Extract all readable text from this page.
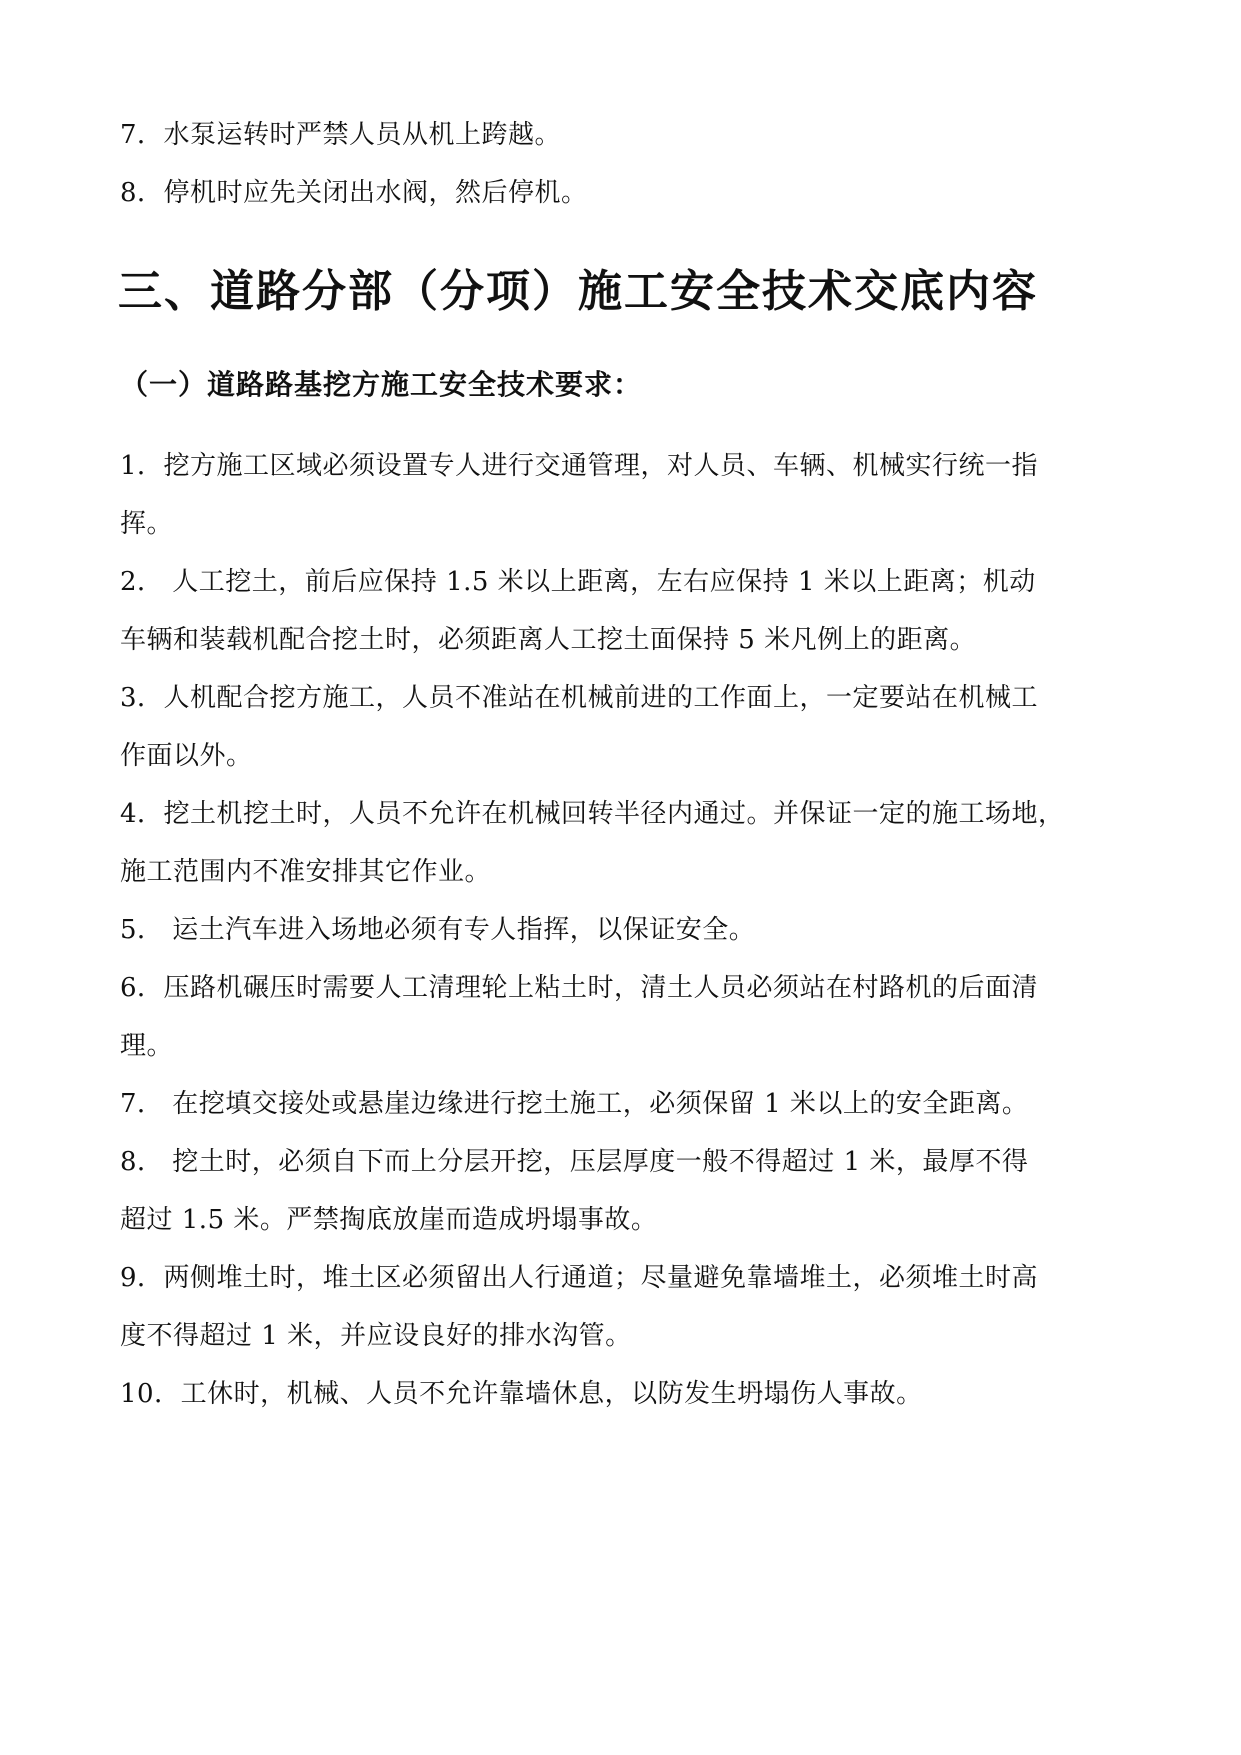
7．水泵运转时严禁人员从机上跨越。
8．停机时应先关闭出水阀，然后停机。
三、道路分部（分项）施工安全技术交底内容
（一）道路路基挖方施工安全技术要求：
1．挖方施工区域必须设置专人进行交通管理，对人员、车辆、机械实行统一指
挥。
2． 人工挖土，前后应保持 1.5 米以上距离，左右应保持 1 米以上距离；机动
车辆和装载机配合挖土时，必须距离人工挖土面保持 5 米凡例上的距离。
3．人机配合挖方施工，人员不准站在机械前进的工作面上，一定要站在机械工
作面以外。
4．挖土机挖土时，人员不允许在机械回转半径内通过。并保证一定的施工场地，
施工范围内不准安排其它作业。
5． 运土汽车进入场地必须有专人指挥，以保证安全。
6．压路机碾压时需要人工清理轮上粘土时，清土人员必须站在村路机的后面清
理。
7． 在挖填交接处或悬崖边缘进行挖土施工，必须保留 1 米以上的安全距离。
8． 挖土时，必须自下而上分层开挖，压层厚度一般不得超过 1 米，最厚不得
超过 1.5 米。严禁掏底放崖而造成坍塌事故。
9．两侧堆土时，堆土区必须留出人行通道；尽量避免靠墙堆土，必须堆土时高
度不得超过 1 米，并应设良好的排水沟管。
10．工休时，机械、人员不允许靠墙休息，以防发生坍塌伤人事故。
